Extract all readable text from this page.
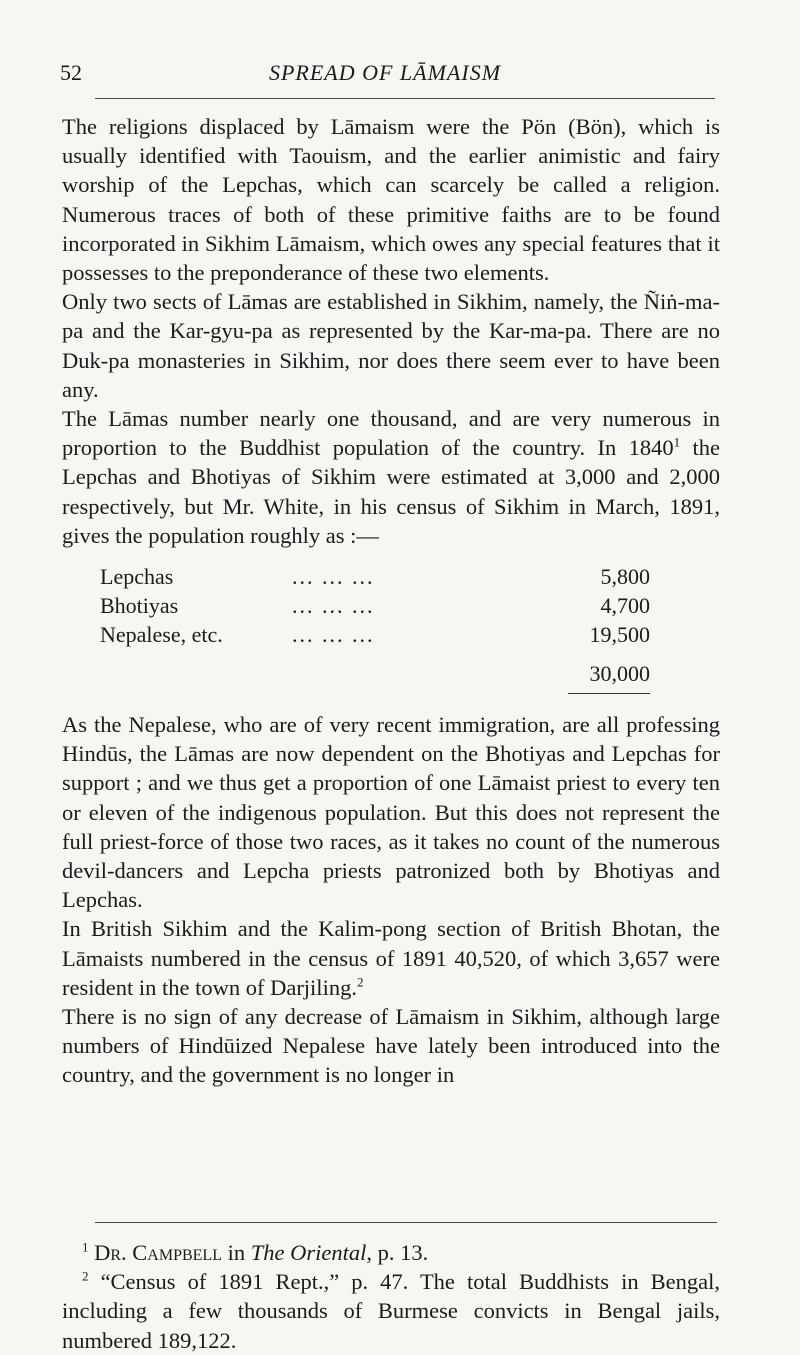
52	SPREAD OF LĀMAISM

The religions displaced by Lāmaism were the Pön (Bön), which is usually identified with Taouism, and the earlier animistic and fairy worship of the Lepchas, which can scarcely be called a religion. Numerous traces of both of these primitive faiths are to be found incorporated in Sikhim Lāmaism, which owes any special features that it possesses to the preponderance of these two elements.

Only two sects of Lāmas are established in Sikhim, namely, the Ñiṅ-ma-pa and the Kar-gyu-pa as represented by the Kar-ma-pa. There are no Duk-pa monasteries in Sikhim, nor does there seem ever to have been any.

The Lāmas number nearly one thousand, and are very numerous in proportion to the Buddhist population of the country. In 1840$^1$ the Lepchas and Bhotiyas of Sikhim were estimated at 3,000 and 2,000 respectively, but Mr. White, in his census of Sikhim in March, 1891, gives the population roughly as :—

Lepchas	... ... ...	5,800
Bhotiyas	... ... ...	4,700
Nepalese, etc.	... ... ...	19,500
30,000

As the Nepalese, who are of very recent immigration, are all professing Hindūs, the Lāmas are now dependent on the Bhotiyas and Lepchas for support ; and we thus get a proportion of one Lāmaist priest to every ten or eleven of the indigenous population. But this does not represent the full priest-force of those two races, as it takes no count of the numerous devil-dancers and Lepcha priests patronized both by Bhotiyas and Lepchas.

In British Sikhim and the Kalim-pong section of British Bhotan, the Lāmaists numbered in the census of 1891 40,520, of which 3,657 were resident in the town of Darjiling.$^2$

There is no sign of any decrease of Lāmaism in Sikhim, although large numbers of Hindūized Nepalese have lately been introduced into the country, and the government is no longer in

$^1$ Dr. Campbell in The Oriental, p. 13.

$^2$ “Census of 1891 Rept.,” p. 47. The total Buddhists in Bengal, including a few thousands of Burmese convicts in Bengal jails, numbered 189,122.
